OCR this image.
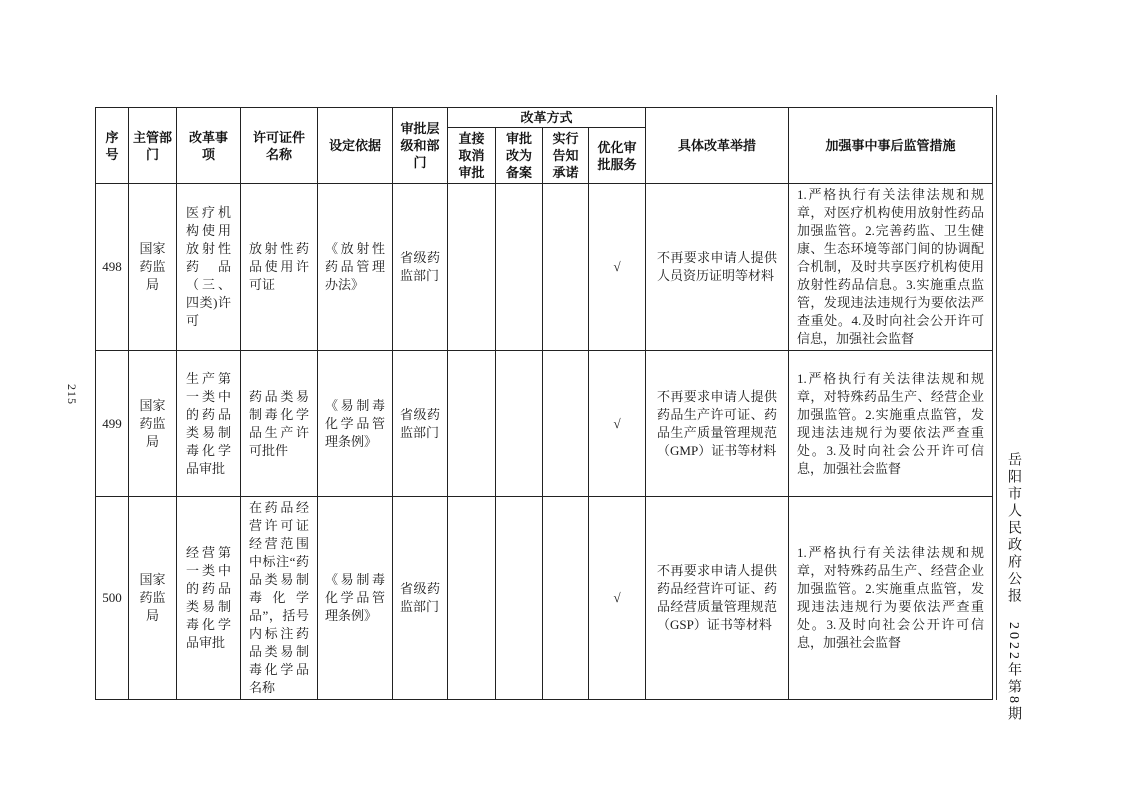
215
岳阳市人民政府公报　2022年第8期
序号	主管部门	改革事项	许可证件名称	设定依据	审批层级和部门	改革方式				具体改革举措	加强事中事后监管措施
						直接取消审批	审批改为备案	实行告知承诺	优化审批服务		
498	国家药监局	医疗机构使用放射性药品（三、四类)许可	放射性药品使用许可证	《放射性药品管理办法》	省级药监部门				√	不再要求申请人提供人员资历证明等材料	1.严格执行有关法律法规和规章，对医疗机构使用放射性药品加强监管。2.完善药监、卫生健康、生态环境等部门间的协调配合机制，及时共享医疗机构使用放射性药品信息。3.实施重点监管，发现违法违规行为要依法严查重处。4.及时向社会公开许可信息，加强社会监督
499	国家药监局	生产第一类中的药品类易制毒化学品审批	药品类易制毒化学品生产许可批件	《易制毒化学品管理条例》	省级药监部门				√	不再要求申请人提供药品生产许可证、药品生产质量管理规范（GMP）证书等材料	1.严格执行有关法律法规和规章，对特殊药品生产、经营企业加强监管。2.实施重点监管，发现违法违规行为要依法严查重处。3.及时向社会公开许可信息，加强社会监督
500	国家药监局	经营第一类中的药品类易制毒化学品审批	在药品经营许可证经营范围中标注“药品类易制毒化学品”，括号内标注药品类易制毒化学品名称	《易制毒化学品管理条例》	省级药监部门				√	不再要求申请人提供药品经营许可证、药品经营质量管理规范（GSP）证书等材料	1.严格执行有关法律法规和规章，对特殊药品生产、经营企业加强监管。2.实施重点监管，发现违法违规行为要依法严查重处。3.及时向社会公开许可信息，加强社会监督
